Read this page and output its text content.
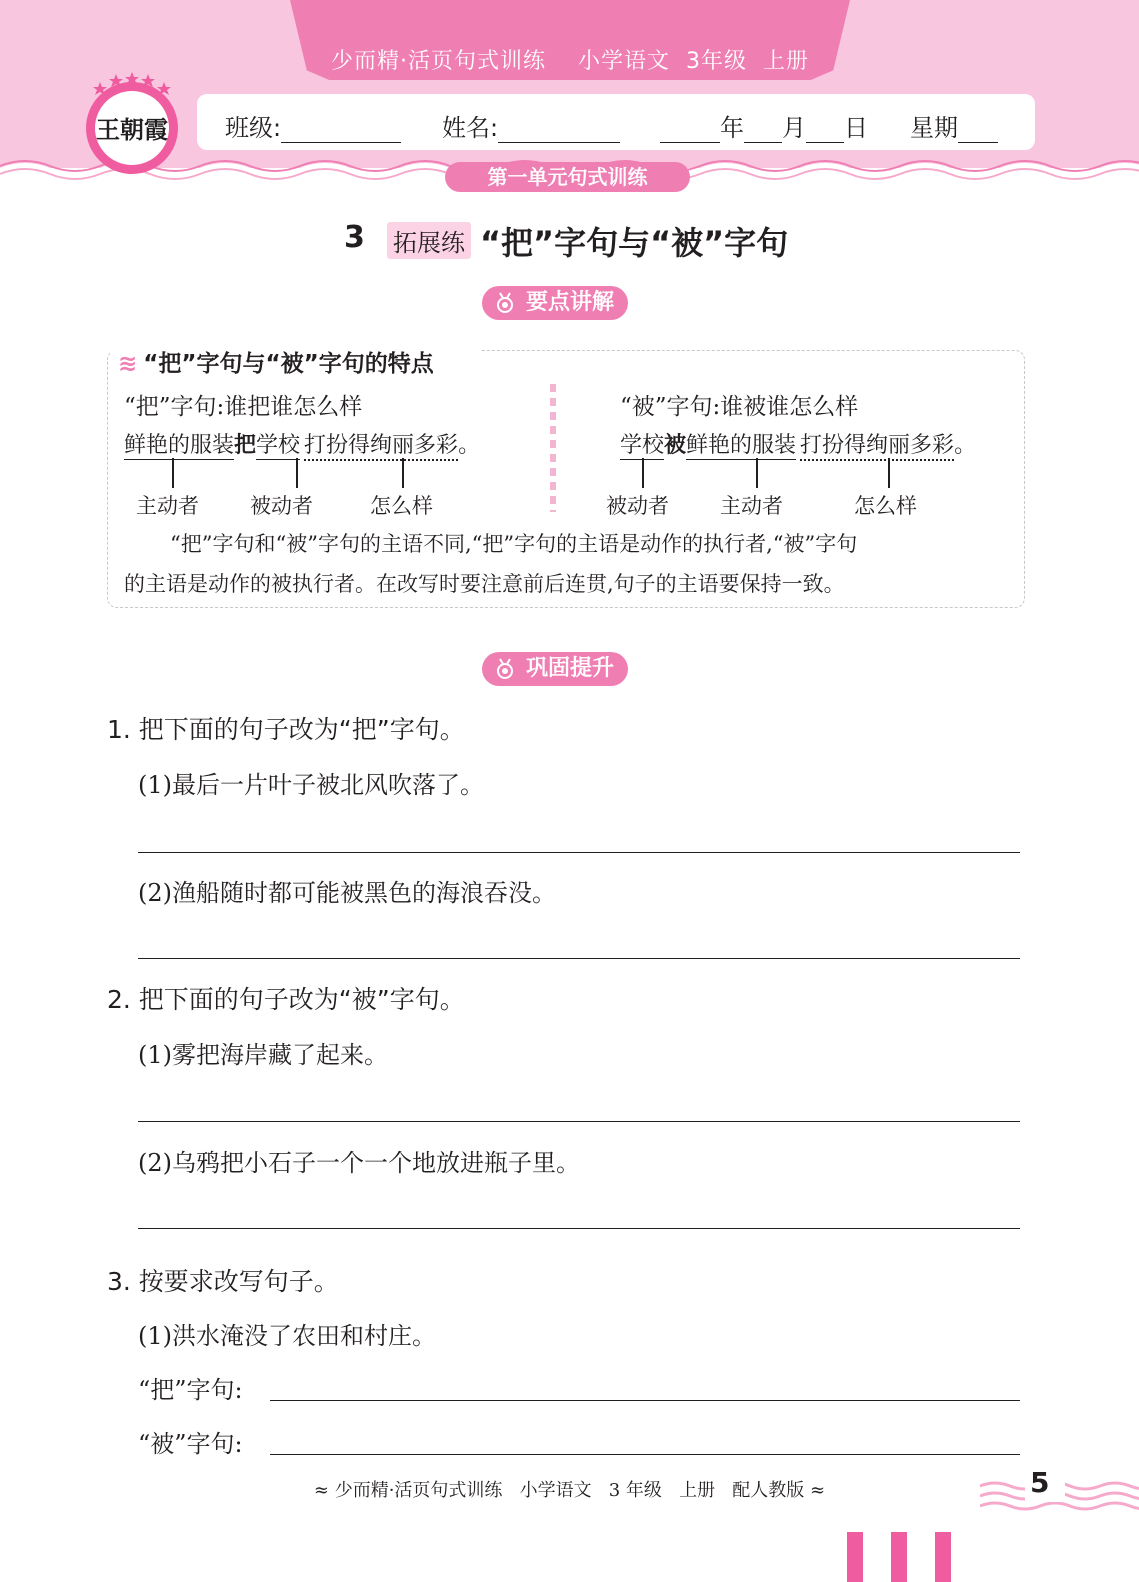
少而精·活页句式训练    小学语文  3年级  上册
班级:	姓名:	年 月 日 星期
第一单元句式训练
王朝霞
3 拓展练 “把”字句与“被”字句
要点讲解
≋ “把”字句与“被”字句的特点
“把”字句:谁把谁怎么样
鲜艳的服装把学校 打扮得绚丽多彩。
主动者 被动者	怎么样
“被”字句:谁被谁怎么样
学校被鲜艳的服装 打扮得绚丽多彩。
被动者 主动者	怎么样
“把”字句和“被”字句的主语不同,“把”字句的主语是动作的执行者,“被”字句
的主语是动作的被执行者。在改写时要注意前后连贯,句子的主语要保持一致。
巩固提升
1. 把下面的句子改为“把”字句。
(1)最后一片叶子被北风吹落了。
(2)渔船随时都可能被黑色的海浪吞没。
2. 把下面的句子改为“被”字句。
(1)雾把海岸藏了起来。
(2)乌鸦把小石子一个一个地放进瓶子里。
3. 按要求改写句子。
(1)洪水淹没了农田和村庄。
“把”字句:
“被”字句:
≈ 少而精·活页句式训练   小学语文   3 年级   上册   配人教版 ≈	5
